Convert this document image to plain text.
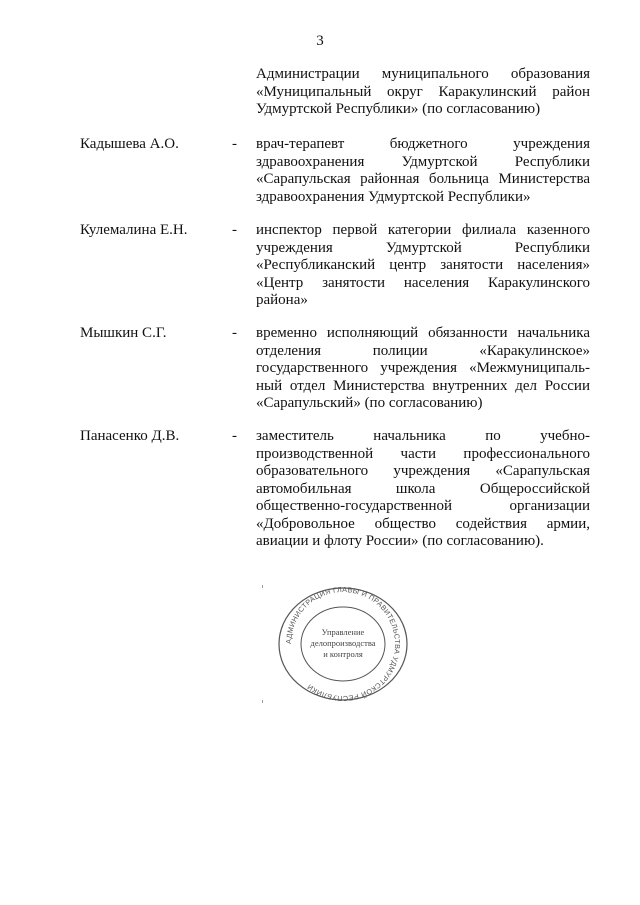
3
Администрации муниципального образования
«Муниципальный округ Каракулинский район
Удмуртской Республики» (по согласованию)
Кадышева А.О.	- врач-терапевт бюджетного учреждения
здравоохранения Удмуртской Республики
«Сарапульская районная больница Министерства
здравоохранения Удмуртской Республики»
Кулемалина Е.Н.	- инспектор первой категории филиала казенного
учреждения Удмуртской Республики
«Республиканский центр занятости населения»
«Центр занятости населения Каракулинского
района»
Мышкин С.Г.	- временно исполняющий обязанности начальника
отделения полиции «Каракулинское»
государственного учреждения «Межмуниципаль-
ный отдел Министерства внутренних дел России
«Сарапульский» (по согласованию)
Панасенко Д.В.	- заместитель начальника по учебно-
производственной части профессионального
образовательного учреждения «Сарапульская
автомобильная школа Общероссийской
общественно-государственной организации
«Добровольное общество содействия армии,
авиации и флоту России» (по согласованию).
АДМИНИСТРАЦИЯ ГЛАВЫ И ПРАВИТЕЛЬСТВА УДМУРТСКОЙ РЕСПУБЛИКИ
Управление
делопроизводства
и контроля
